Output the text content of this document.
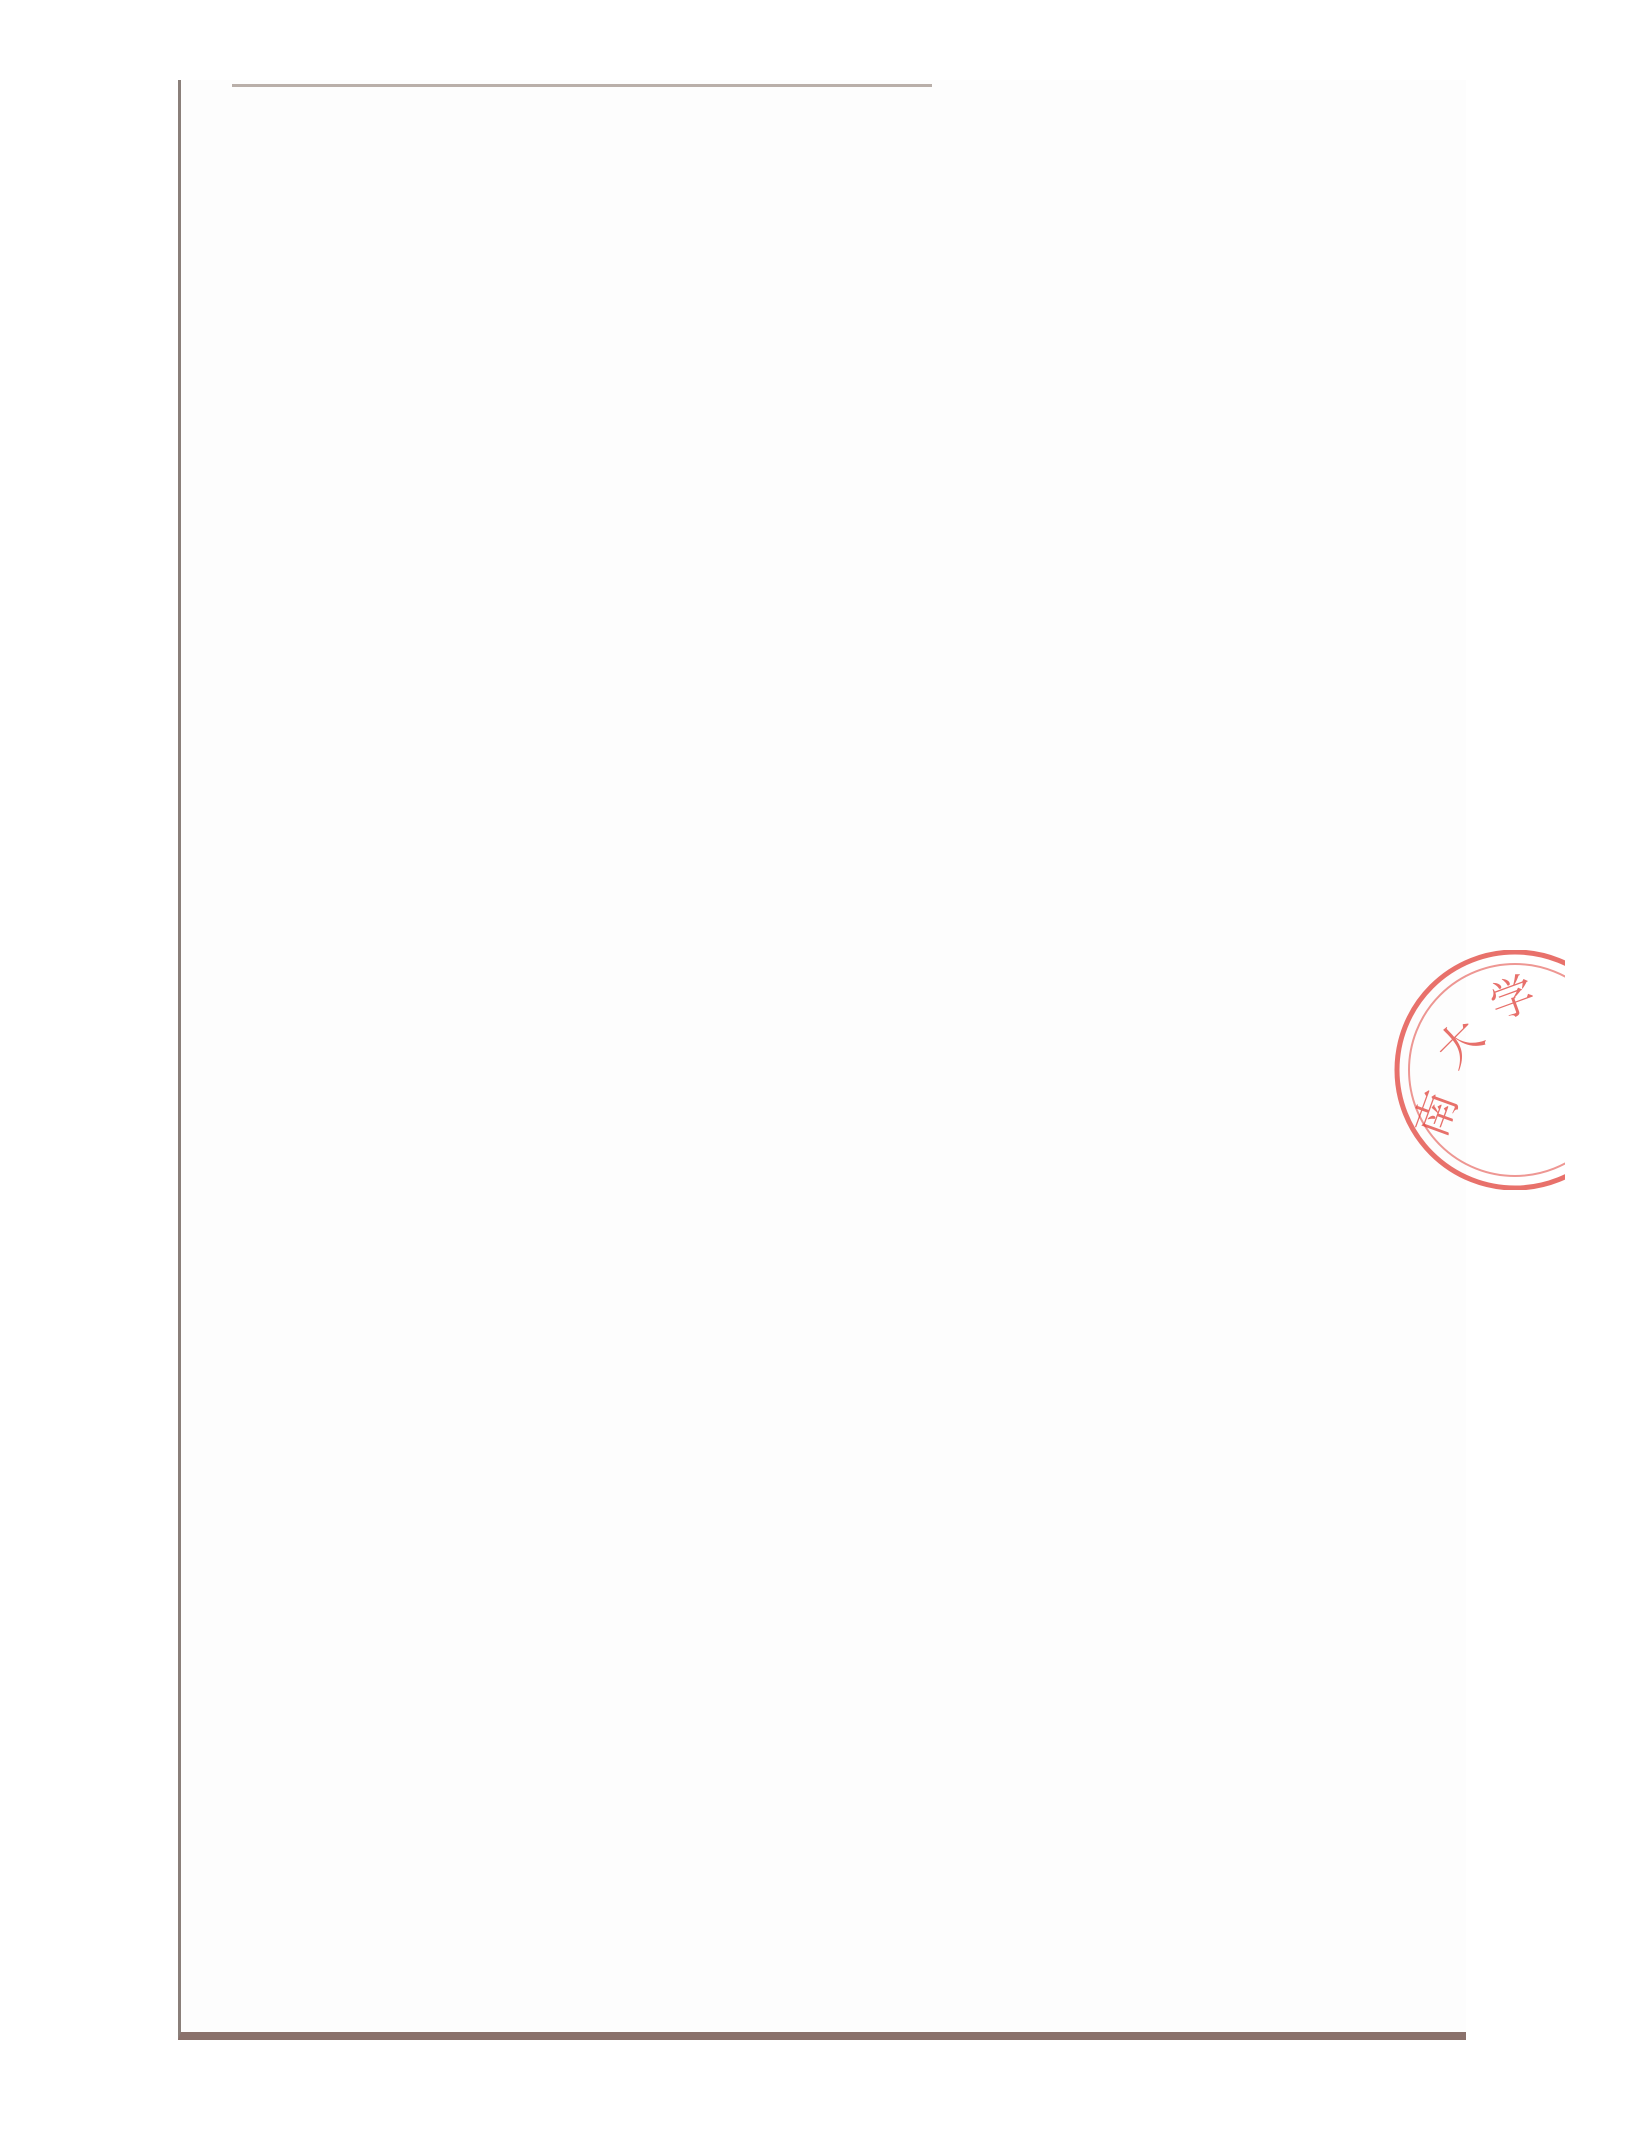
南
大
学
